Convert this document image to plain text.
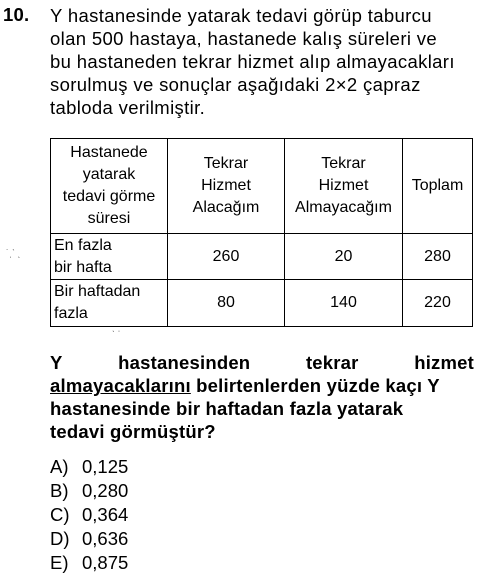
10. Y hastanesinde yatarak tedavi görüp taburcu
olan 500 hastaya, hastanede kalış süreleri ve
bu hastaneden tekrar hizmet alıp almayacakları
sorulmuş ve sonuçlar aşağıdaki 2×2 çapraz
tabloda verilmiştir.
Hastanede
yatarak
tedavi görme
süresi	Tekrar
Hizmet
Alacağım	Tekrar
Hizmet
Almayacağım	Toplam

En fazla
bir hafta	260	20	280

Bir haftadan
fazla	80	140	220
˙ˌˋ ˎ
ˎ ˌ
Y	hastanesinden	tekrar	hizmet
almayacaklarını belirtenlerden yüzde kaçı Y
hastanesinde bir haftadan fazla yatarak
tedavi görmüştür?
A) 0,125
B) 0,280
C) 0,364
D) 0,636
E) 0,875
